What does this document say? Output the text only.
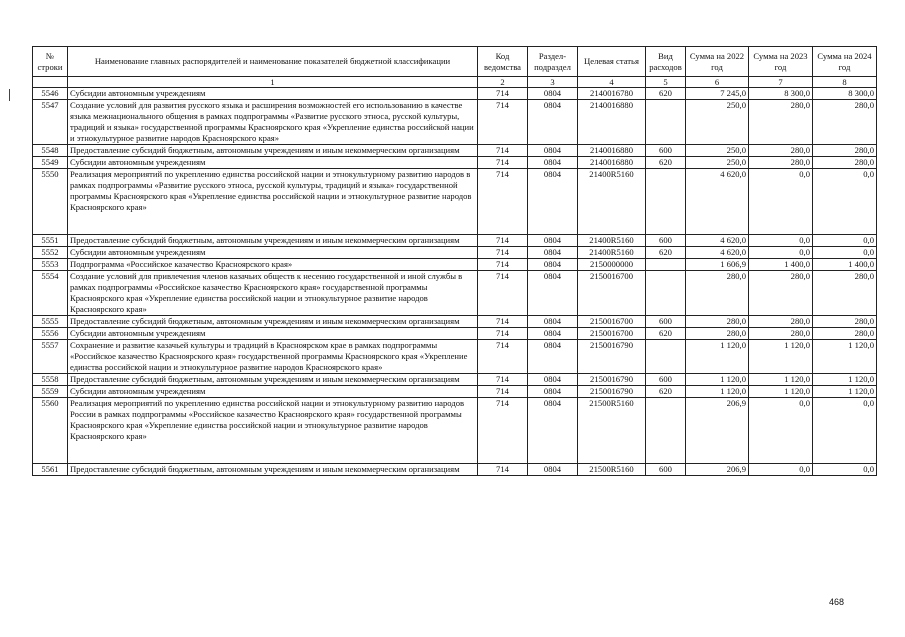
№ строки	Наименование главных распорядителей и наименование показателей бюджетной классификации	Код ведомства	Раздел-подраздел	Целевая статья	Вид расходов	Сумма на 2022 год	Сумма на 2023 год	Сумма на 2024 год
	1	2	3	4	5	6	7	8
5546	Субсидии автономным учреждениям	714	0804	2140016780	620	7 245,0	8 300,0	8 300,0
5547	Создание условий для развития русского языка и расширения возможностей его использованию в качестве языка межнационального общения в рамках подпрограммы «Развитие русского этноса, русской культуры, традиций и языка» государственной программы Красноярского края «Укрепление единства российской нации и этнокультурное развитие народов Красноярского края»	714	0804	2140016880		250,0	280,0	280,0
5548	Предоставление субсидий бюджетным, автономным учреждениям и иным некоммерческим организациям	714	0804	2140016880	600	250,0	280,0	280,0
5549	Субсидии автономным учреждениям	714	0804	2140016880	620	250,0	280,0	280,0
5550	Реализация мероприятий по укреплению единства российской нации и этнокультурному развитию народов в рамках подпрограммы «Развитие русского этноса, русской культуры, традиций и языка» государственной программы Красноярского края «Укрепление единства российской нации и этнокультурное развитие народов Красноярского края»	714	0804	21400R5160		4 620,0	0,0	0,0
5551	Предоставление субсидий бюджетным, автономным учреждениям и иным некоммерческим организациям	714	0804	21400R5160	600	4 620,0	0,0	0,0
5552	Субсидии автономным учреждениям	714	0804	21400R5160	620	4 620,0	0,0	0,0
5553	Подпрограмма «Российское казачество Красноярского края»	714	0804	2150000000		1 606,9	1 400,0	1 400,0
5554	Создание условий для привлечения членов казачьих обществ к несению государственной и иной службы в рамках подпрограммы «Российское казачество Красноярского края» государственной программы Красноярского края «Укрепление единства российской нации и этнокультурное развитие народов Красноярского края»	714	0804	2150016700		280,0	280,0	280,0
5555	Предоставление субсидий бюджетным, автономным учреждениям и иным некоммерческим организациям	714	0804	2150016700	600	280,0	280,0	280,0
5556	Субсидии автономным учреждениям	714	0804	2150016700	620	280,0	280,0	280,0
5557	Сохранение и развитие казачьей культуры и традиций в Красноярском крае в рамках подпрограммы «Российское казачество Красноярского края» государственной программы Красноярского края «Укрепление единства российской нации и этнокультурное развитие народов Красноярского края»	714	0804	2150016790		1 120,0	1 120,0	1 120,0
5558	Предоставление субсидий бюджетным, автономным учреждениям и иным некоммерческим организациям	714	0804	2150016790	600	1 120,0	1 120,0	1 120,0
5559	Субсидии автономным учреждениям	714	0804	2150016790	620	1 120,0	1 120,0	1 120,0
5560	Реализация мероприятий по укреплению единства российской нации и этнокультурному развитию народов России в рамках подпрограммы «Российское казачество Красноярского края» государственной программы Красноярского края «Укрепление единства российской нации и этнокультурное развитие народов Красноярского края»	714	0804	21500R5160		206,9	0,0	0,0
5561	Предоставление субсидий бюджетным, автономным учреждениям и иным некоммерческим организациям	714	0804	21500R5160	600	206,9	0,0	0,0
468
